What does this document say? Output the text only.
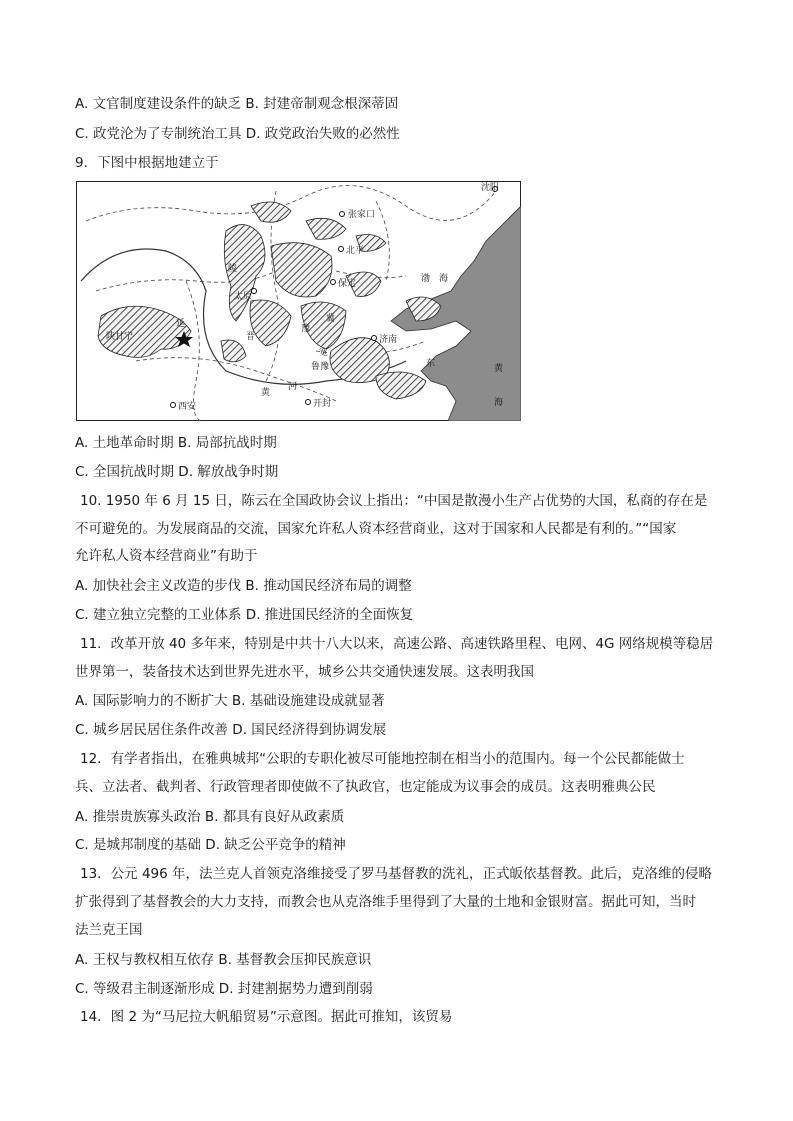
A. 文官制度建设条件的缺乏 B. 封建帝制观念根深蒂固
C. 政党沦为了专制统治工具 D. 政党政治失败的必然性
9．下图中根据地建立于
沈阳
张家口
北平
保定
太原
延
陕甘宁	济南
西安	开封
渤　海
黄
海
东
鲁豫
晋
冀
黄
河
宽
豫
陵
A. 土地革命时期 B. 局部抗战时期
C. 全国抗战时期 D. 解放战争时期
10. 1950 年 6 月 15 日，陈云在全国政协会议上指出：“中国是散漫小生产占优势的大国，私商的存在是
不可避免的。为发展商品的交流，国家允许私人资本经营商业，这对于国家和人民都是有利的。”“国家
允许私人资本经营商业”有助于
A. 加快社会主义改造的步伐 B. 推动国民经济布局的调整
C. 建立独立完整的工业体系 D. 推进国民经济的全面恢复
11．改革开放 40 多年来，特别是中共十八大以来，高速公路、高速铁路里程、电网、4G 网络规模等稳居
世界第一，装备技术达到世界先进水平，城乡公共交通快速发展。这表明我国
A. 国际影响力的不断扩大 B. 基础设施建设成就显著
C. 城乡居民居住条件改善 D. 国民经济得到协调发展
12．有学者指出，在雅典城邦“公职的专职化被尽可能地控制在相当小的范围内。每一个公民都能做士
兵、立法者、截判者、行政管理者即使做不了执政官，也定能成为议事会的成员。这表明雅典公民
A. 推崇贵族寡头政治 B. 都具有良好从政素质
C. 是城邦制度的基础 D. 缺乏公平竞争的精神
13．公元 496 年，法兰克人首领克洛维接受了罗马基督教的洗礼，正式皈依基督教。此后，克洛维的侵略
扩张得到了基督教会的大力支持，而教会也从克洛维手里得到了大量的土地和金银财富。据此可知，当时
法兰克王国
A. 王权与教权相互依存 B. 基督教会压抑民族意识
C. 等级君主制逐渐形成 D. 封建割据势力遭到削弱
14．图 2 为“马尼拉大帆船贸易”示意图。据此可推知，该贸易
